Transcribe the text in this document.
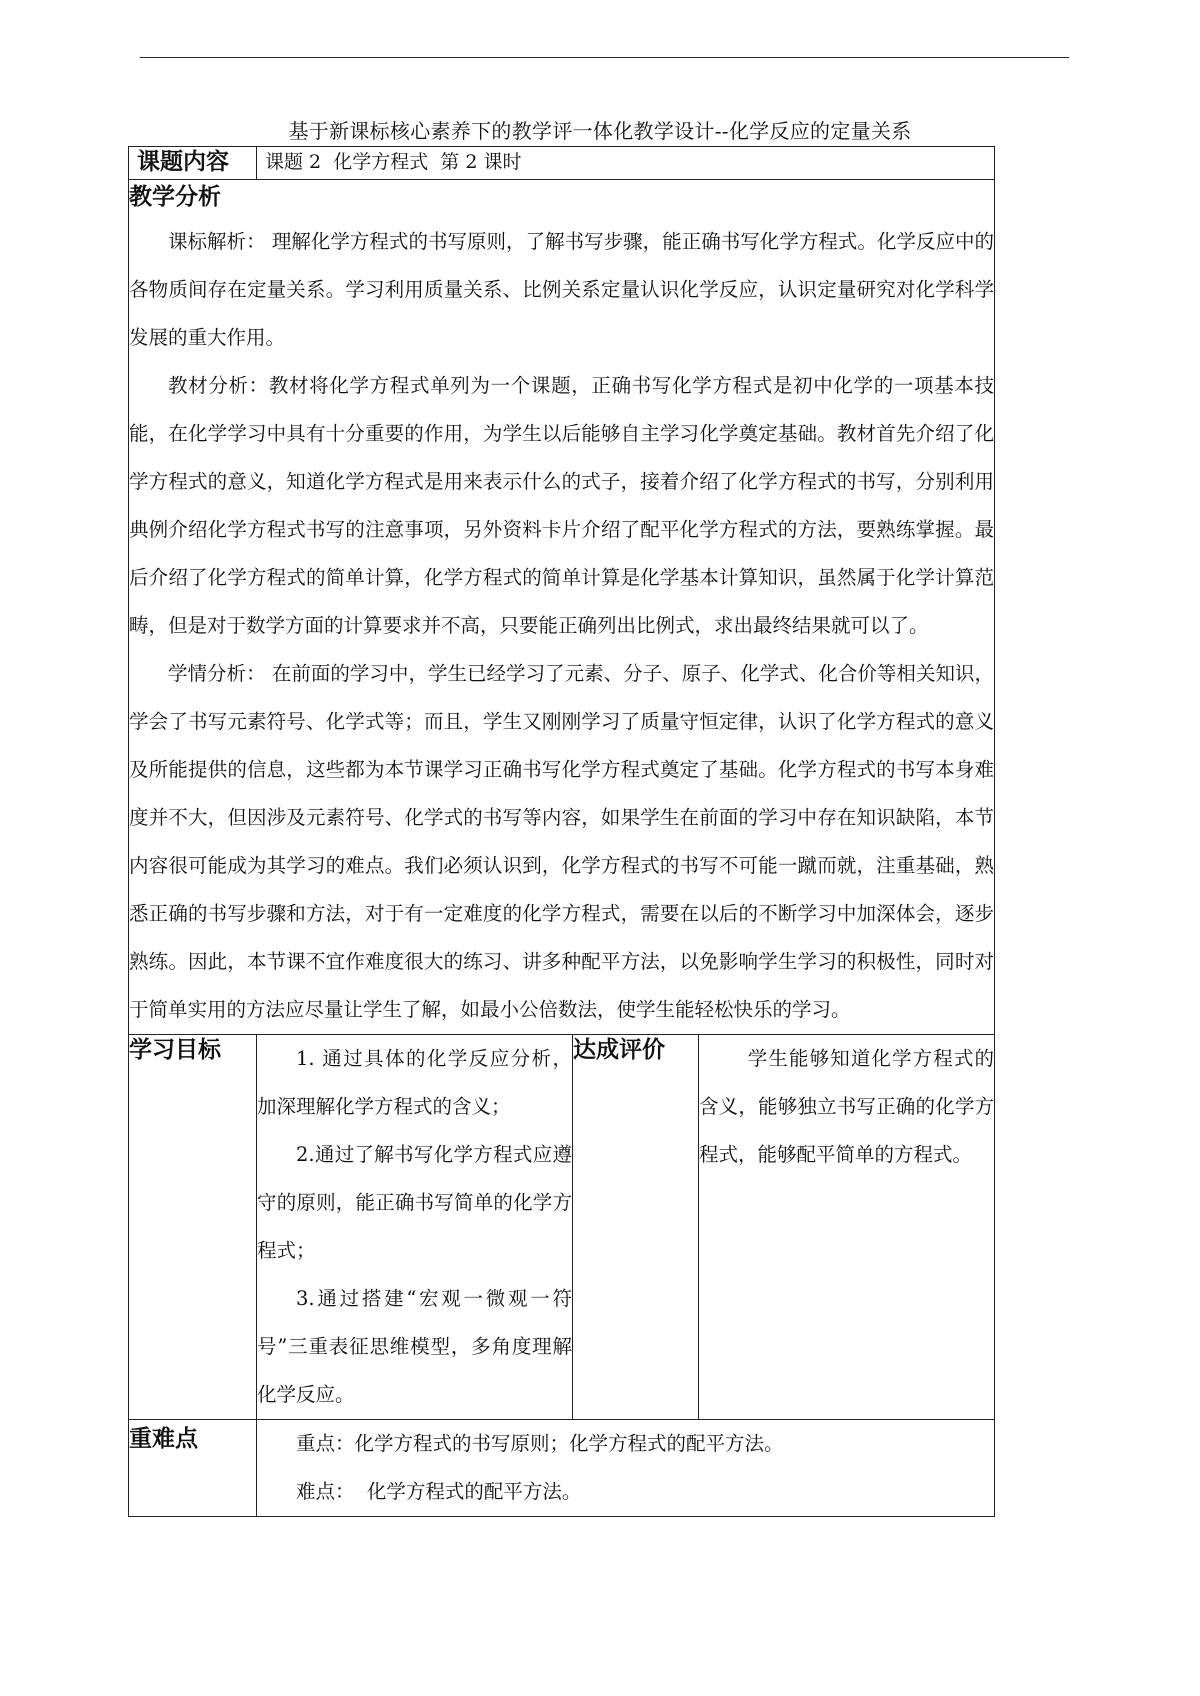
基于新课标核心素养下的教学评一体化教学设计--化学反应的定量关系
课题内容	课题 2  化学方程式  第 2 课时		

教学分析

课标解析： 理解化学方程式的书写原则，了解书写步骤，能正确书写化学方程式。化学反应中的各物质间存在定量关系。学习利用质量关系、比例关系定量认识化学反应，认识定量研究对化学科学发展的重大作用。

教材分析：教材将化学方程式单列为一个课题，正确书写化学方程式是初中化学的一项基本技能，在化学学习中具有十分重要的作用，为学生以后能够自主学习化学奠定基础。教材首先介绍了化学方程式的意义，知道化学方程式是用来表示什么的式子，接着介绍了化学方程式的书写，分别利用典例介绍化学方程式书写的注意事项，另外资料卡片介绍了配平化学方程式的方法，要熟练掌握。最后介绍了化学方程式的简单计算，化学方程式的简单计算是化学基本计算知识，虽然属于化学计算范畴，但是对于数学方面的计算要求并不高，只要能正确列出比例式，求出最终结果就可以了。

学情分析： 在前面的学习中，学生已经学习了元素、分子、原子、化学式、化合价等相关知识，学会了书写元素符号、化学式等；而且，学生又刚刚学习了质量守恒定律，认识了化学方程式的意义及所能提供的信息，这些都为本节课学习正确书写化学方程式奠定了基础。化学方程式的书写本身难度并不大，但因涉及元素符号、化学式的书写等内容，如果学生在前面的学习中存在知识缺陷，本节内容很可能成为其学习的难点。我们必须认识到，化学方程式的书写不可能一蹴而就，注重基础，熟悉正确的书写步骤和方法，对于有一定难度的化学方程式，需要在以后的不断学习中加深体会，逐步熟练。因此，本节课不宜作难度很大的练习、讲多种配平方法，以免影响学生学习的积极性，同时对于简单实用的方法应尽量让学生了解，如最小公倍数法，使学生能轻松快乐的学习。			

学习目标	1. 通过具体的化学反应分析，加深理解化学方程式的含义；

2.通过了解书写化学方程式应遵守的原则，能正确书写简单的化学方程式；

3.通过搭建“宏观一微观一符号”三重表征思维模型，多角度理解化学反应。	达成评价	学生能够知道化学方程式的含义，能够独立书写正确的化学方程式，能够配平简单的方程式。

重难点	重点：化学方程式的书写原则；化学方程式的配平方法。

难点：  化学方程式的配平方法。		
